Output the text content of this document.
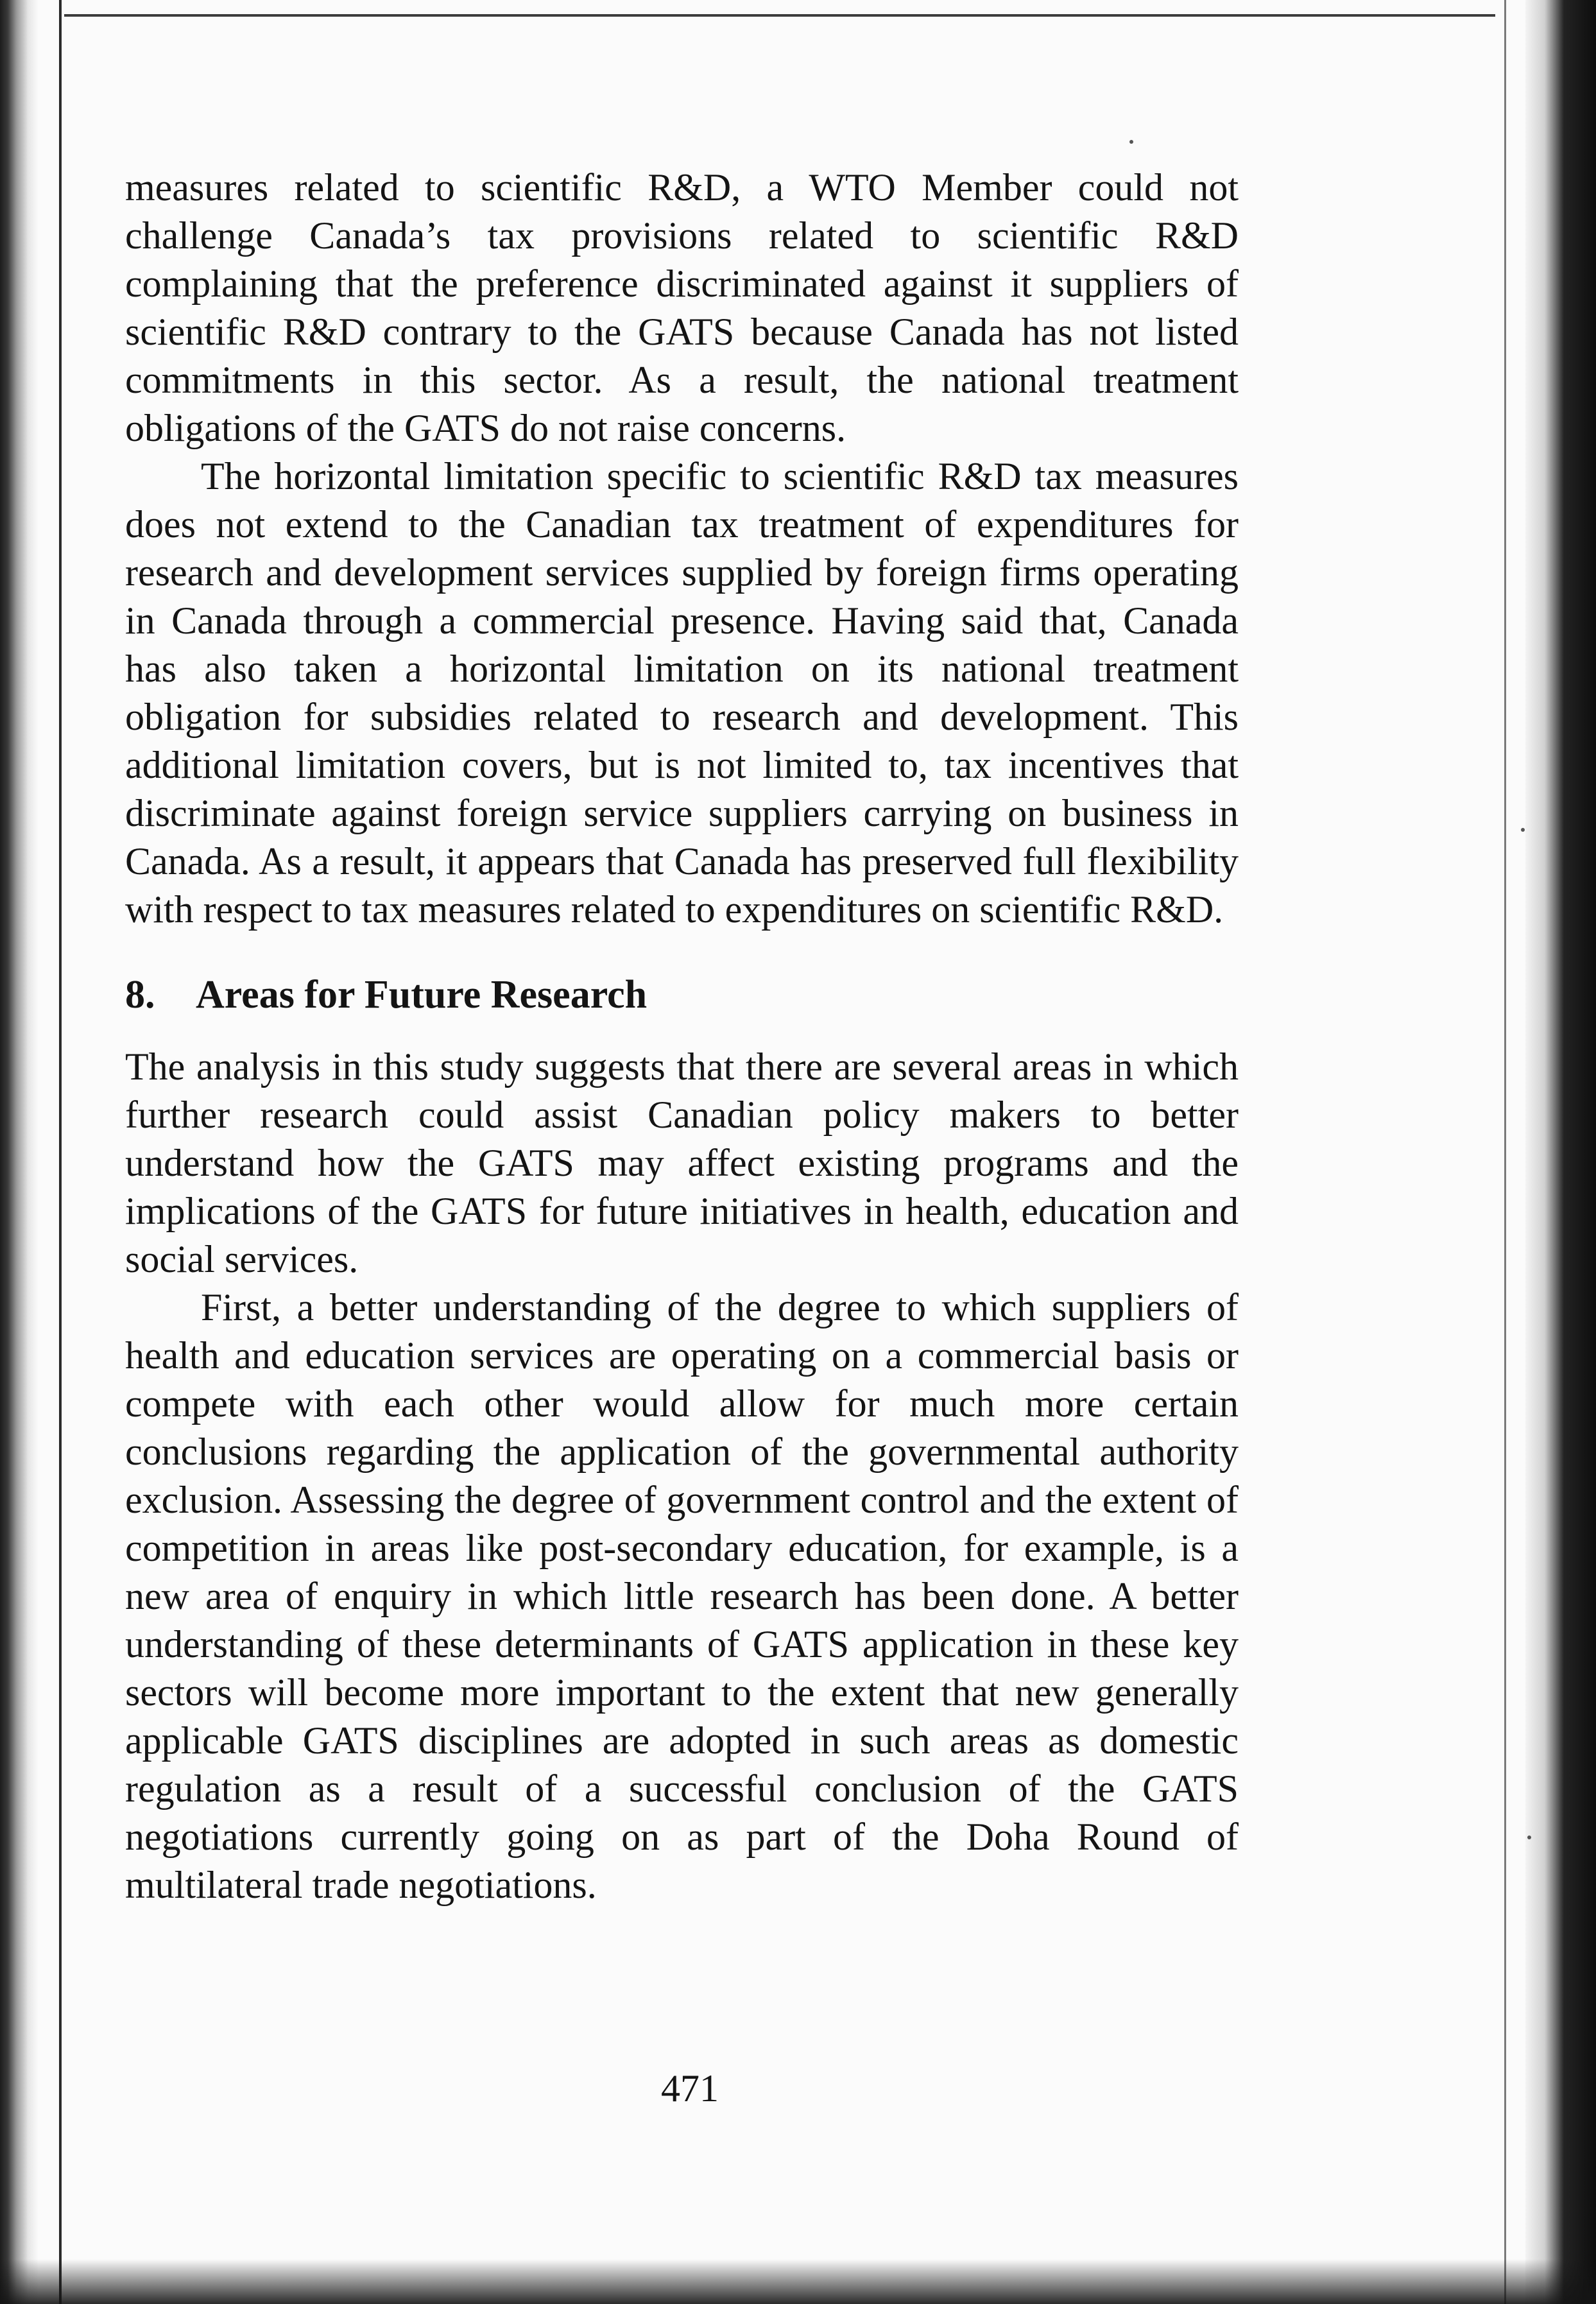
measures related to scientific R&D, a WTO Member could not challenge Canada’s tax provisions related to scientific R&D complaining that the preference discriminated against it suppliers of scientific R&D contrary to the GATS because Canada has not listed commitments in this sector. As a result, the national treatment obligations of the GATS do not raise concerns.

The horizontal limitation specific to scientific R&D tax measures does not extend to the Canadian tax treatment of expenditures for research and development services supplied by foreign firms operating in Canada through a commercial presence. Having said that, Canada has also taken a horizontal limitation on its national treatment obligation for subsidies related to research and development. This additional limitation covers, but is not limited to, tax incentives that discriminate against foreign service suppliers carrying on business in Canada. As a result, it appears that Canada has preserved full flexibility with respect to tax measures related to expenditures on scientific R&D.

8.	Areas for Future Research

The analysis in this study suggests that there are several areas in which further research could assist Canadian policy makers to better understand how the GATS may affect existing programs and the implications of the GATS for future initiatives in health, education and social services.

First, a better understanding of the degree to which suppliers of health and education services are operating on a commercial basis or compete with each other would allow for much more certain conclusions regarding the application of the governmental authority exclusion. Assessing the degree of government control and the extent of competition in areas like post-secondary education, for example, is a new area of enquiry in which little research has been done. A better understanding of these determinants of GATS application in these key sectors will become more important to the extent that new generally applicable GATS disciplines are adopted in such areas as domestic regulation as a result of a successful conclusion of the GATS negotiations currently going on as part of the Doha Round of multilateral trade negotiations.

471
